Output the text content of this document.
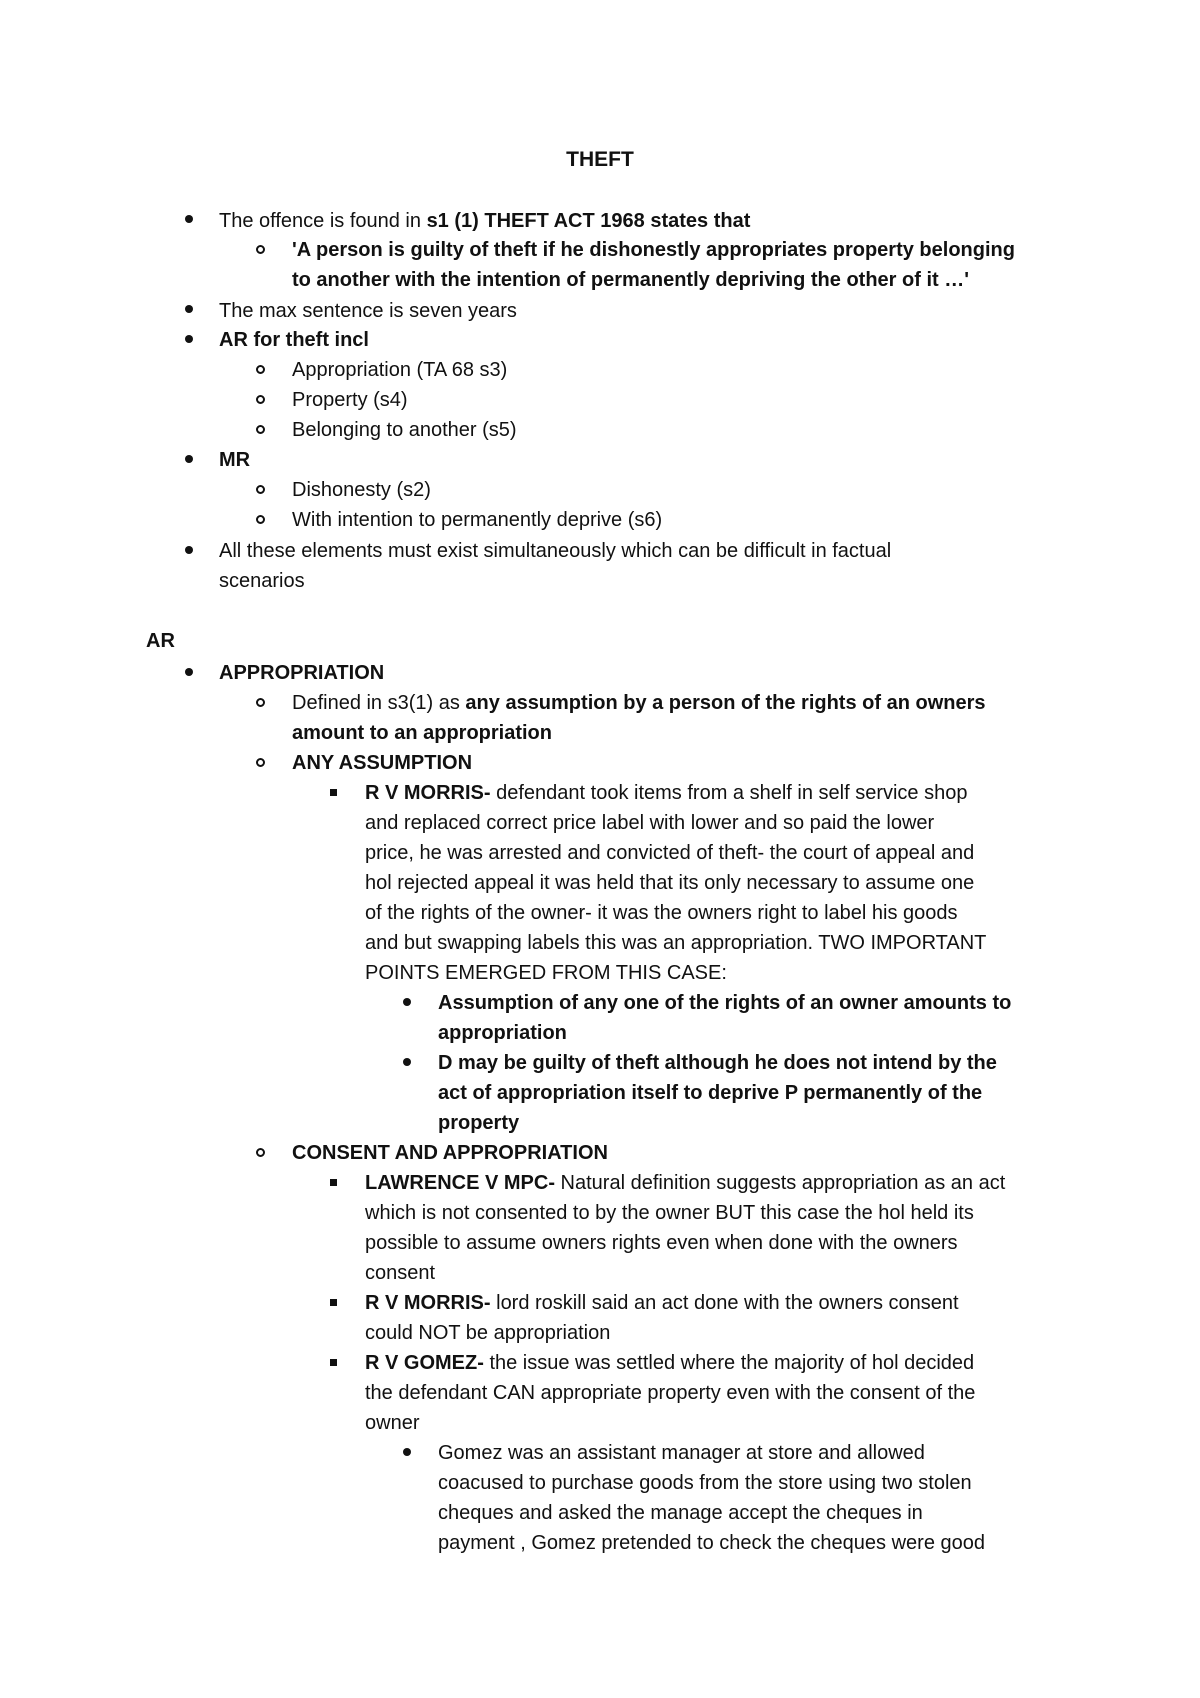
THEFT
The offence is found in s1 (1) THEFT ACT 1968 states that
'A person is guilty of theft if he dishonestly appropriates property belonging
to another with the intention of permanently depriving the other of it …'
The max sentence is seven years
AR for theft incl
Appropriation (TA 68 s3)
Property (s4)
Belonging to another (s5)
MR
Dishonesty (s2)
With intention to permanently deprive (s6)
All these elements must exist simultaneously which can be difficult in factual
scenarios
AR
APPROPRIATION
Defined in s3(1) as any assumption by a person of the rights of an owners
amount to an appropriation
ANY ASSUMPTION
R V MORRIS- defendant took items from a shelf in self service shop
and replaced correct price label with lower and so paid the lower
price, he was arrested and convicted of theft- the court of appeal and
hol rejected appeal it was held that its only necessary to assume one
of the rights of the owner- it was the owners right to label his goods
and but swapping labels this was an appropriation. TWO IMPORTANT
POINTS EMERGED FROM THIS CASE:
Assumption of any one of the rights of an owner amounts to
appropriation
D may be guilty of theft although he does not intend by the
act of appropriation itself to deprive P permanently of the
property
CONSENT AND APPROPRIATION
LAWRENCE V MPC- Natural definition suggests appropriation as an act
which is not consented to by the owner BUT this case the hol held its
possible to assume owners rights even when done with the owners
consent
R V MORRIS- lord roskill said an act done with the owners consent
could NOT be appropriation
R V GOMEZ- the issue was settled where the majority of hol decided
the defendant CAN appropriate property even with the consent of the
owner
Gomez was an assistant manager at store and allowed
coacused to purchase goods from the store using two stolen
cheques and asked the manage accept the cheques in
payment , Gomez pretended to check the cheques were good
